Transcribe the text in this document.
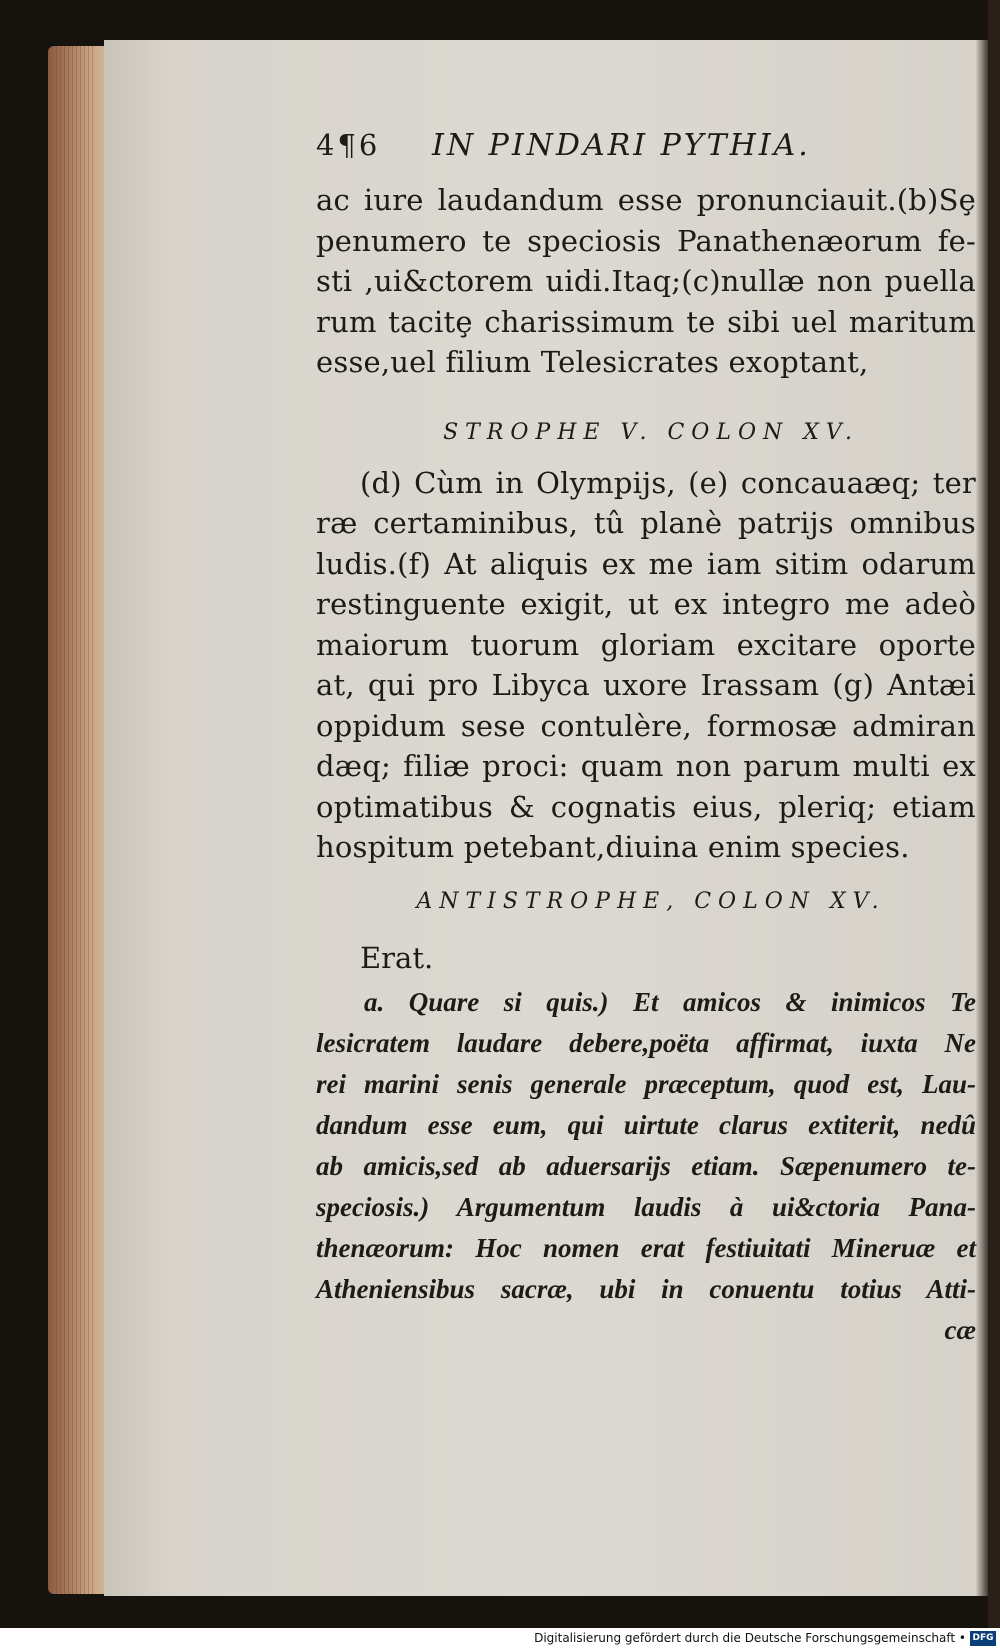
4¶6	IN PINDARI PYTHIA.
ac iure laudandum esse pronunciauit.(b)Sȩ
penumero te speciosis Panathenæorum fe-
sti ,ui&ctorem uidi.Itaq;(c)nullæ non puella
rum tacitȩ charissimum te sibi uel maritum
esse,uel filium Telesicrates exoptant,
STROPHE V. COLON XV.
(d) Cùm in Olympijs, (e) concauaæq; ter
ræ certaminibus, tû planè patrijs omnibus
ludis.(f) At aliquis ex me iam sitim odarum
restinguente exigit, ut ex integro me adeò
maiorum tuorum gloriam excitare oporte
at, qui pro Libyca uxore Irassam (g) Antæi
oppidum sese contulère, formosæ admiran
dæq; filiæ proci: quam non parum multi ex
optimatibus & cognatis eius, pleriq; etiam
hospitum petebant,diuina enim species.
ANTISTROPHE, COLON XV.
Erat.
a. Quare si quis.) Et amicos & inimicos Te
lesicratem laudare debere,poëta affirmat, iuxta Ne
rei marini senis generale præceptum, quod est, Lau-
dandum esse eum, qui uirtute clarus extiterit, nedû
ab amicis,sed ab aduersarijs etiam. Sæpenumero te-
speciosis.) Argumentum laudis à ui&ctoria Pana-
thenæorum: Hoc nomen erat festiuitati Mineruæ et
Atheniensibus sacræ, ubi in conuentu totius Atti-
cæ
Digitalisierung gefördert durch die Deutsche Forschungsgemeinschaft • DFG
